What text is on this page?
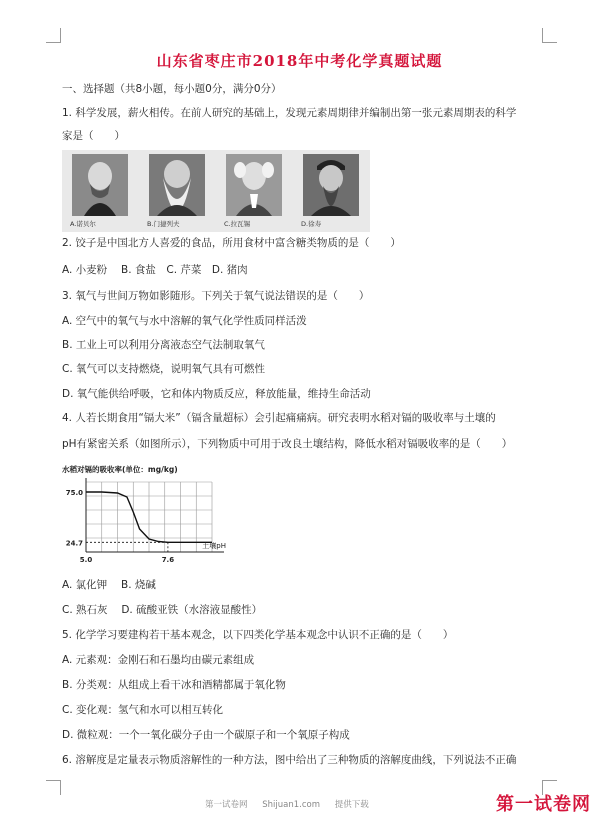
山东省枣庄市2018年中考化学真题试题
一、选择题（共8小题，每小题0分，满分0分）
1. 科学发展，薪火相传。在前人研究的基础上，发现元素周期律并编制出第一张元素周期表的科学
家是（　　）
A.诺贝尔	B.门捷列夫	C.拉瓦锡	D.徐寿
2. 饺子是中国北方人喜爱的食品，所用食材中富含糖类物质的是（　　）
A. 小麦粉　 B. 食盐　C. 芹菜　D. 猪肉
3. 氧气与世间万物如影随形。下列关于氧气说法错误的是（　　）
A. 空气中的氧气与水中溶解的氧气化学性质同样活泼
B. 工业上可以利用分离液态空气法制取氧气
C. 氧气可以支持燃烧，说明氧气具有可燃性
D. 氧气能供给呼吸，它和体内物质反应，释放能量，维持生命活动
4. 人若长期食用“镉大米”（镉含量超标）会引起痛痛病。研究表明水稻对镉的吸收率与土壤的
pH有紧密关系（如图所示），下列物质中可用于改良土壤结构，降低水稻对镉吸收率的是（　　）
水稻对镉的吸收率(单位：mg/kg)
75.0
24.7
5.0	7.6
土壤pH
A. 氯化钾　 B. 烧碱
C. 熟石灰　 D. 硫酸亚铁（水溶液显酸性）
5. 化学学习要建构若干基本观念，以下四类化学基本观念中认识不正确的是（　　）
A. 元素观：金刚石和石墨均由碳元素组成
B. 分类观：从组成上看干冰和酒精都属于氧化物
C. 变化观：氢气和水可以相互转化
D. 微粒观：一个一氧化碳分子由一个碳原子和一个氧原子构成
6. 溶解度是定量表示物质溶解性的一种方法，图中给出了三种物质的溶解度曲线，下列说法不正确
第一试卷网 Shijuan1.com 提供下载	第一试卷网
